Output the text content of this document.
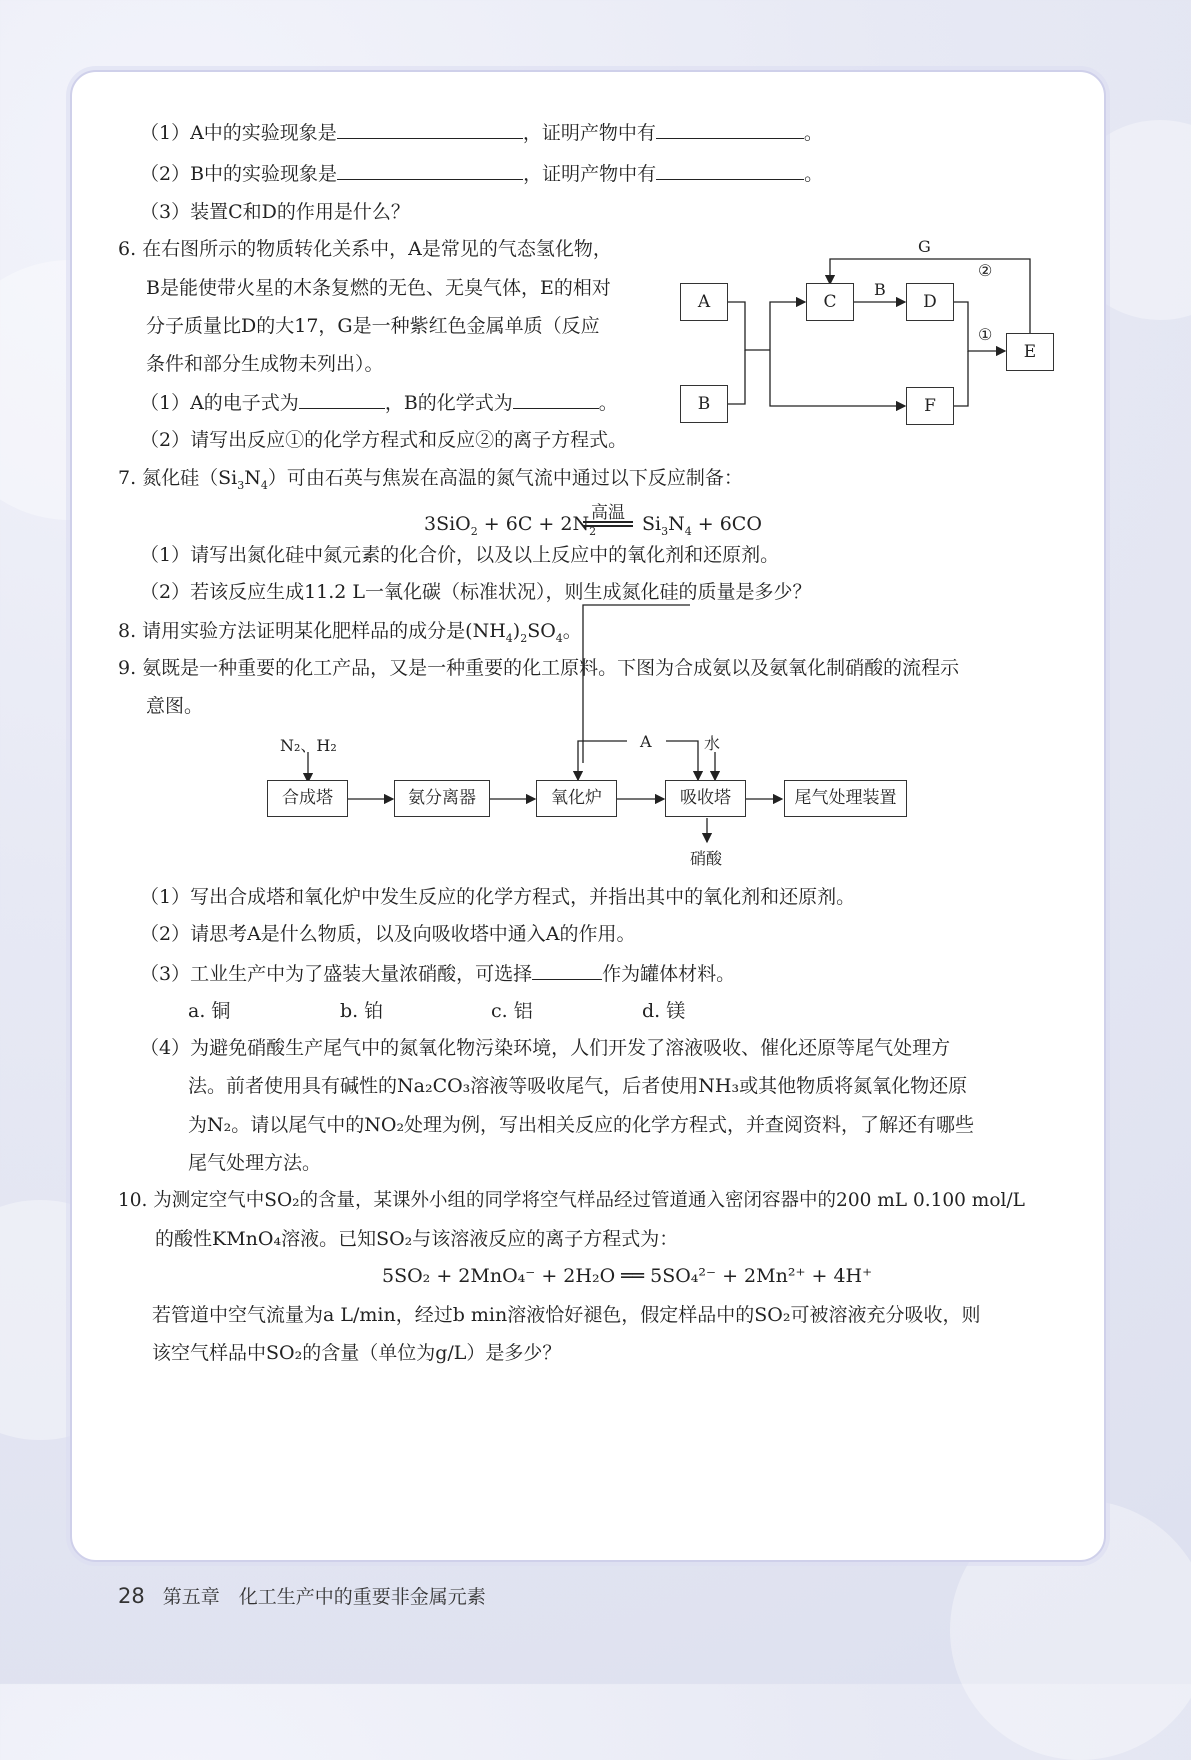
（1）A中的实验现象是	，证明产物中有	。
（2）B中的实验现象是	，证明产物中有	。
（3）装置C和D的作用是什么？
6. 在右图所示的物质转化关系中，A是常见的气态氢化物，
B是能使带火星的木条复燃的无色、无臭气体，E的相对
分子质量比D的大17，G是一种紫红色金属单质（反应
条件和部分生成物未列出）。
（1）A的电子式为	，B的化学式为	。
（2）请写出反应①的化学方程式和反应②的离子方程式。
A
B
C	D
E
F
G
②
B
①
7. 氮化硅$(Si_3N_4)$可由石英与焦炭在高温的氮气流中通过以下反应制备：
高温
$3SiO_2 + 6C + 2N_2$ $Si_3N_4 + 6CO$
（1）请写出氮化硅中氮元素的化合价，以及以上反应中的氧化剂和还原剂。
（2）若该反应生成11.2 L一氧化碳（标准状况），则生成氮化硅的质量是多少？
8. 请用实验方法证明某化肥样品的成分是$(NH_4)_2SO_4$。
9. 氨既是一种重要的化工产品，又是一种重要的化工原料。下图为合成氨以及氨氧化制硝酸的流程示
意图。
N₂、H₂	A	水
合成塔	氨分离器	氧化炉	吸收塔	尾气处理装置
硝酸
（1）写出合成塔和氧化炉中发生反应的化学方程式，并指出其中的氧化剂和还原剂。
（2）请思考A是什么物质，以及向吸收塔中通入A的作用。
（3）工业生产中为了盛装大量浓硝酸，可选择	作为罐体材料。
a. 铜	b. 铂	c. 铝	d. 镁
（4）为避免硝酸生产尾气中的氮氧化物污染环境，人们开发了溶液吸收、催化还原等尾气处理方
法。前者使用具有碱性的Na₂CO₃溶液等吸收尾气，后者使用NH₃或其他物质将氮氧化物还原
为N₂。请以尾气中的NO₂处理为例，写出相关反应的化学方程式，并查阅资料，了解还有哪些
尾气处理方法。
10. 为测定空气中SO₂的含量，某课外小组的同学将空气样品经过管道通入密闭容器中的200 mL 0.100 mol/L
的酸性KMnO₄溶液。已知SO₂与该溶液反应的离子方程式为：
5SO₂ + 2MnO₄⁻ + 2H₂O ══ 5SO₄²⁻ + 2Mn²⁺ + 4H⁺
若管道中空气流量为a L/min，经过b min溶液恰好褪色，假定样品中的SO₂可被溶液充分吸收，则
该空气样品中SO₂的含量（单位为g/L）是多少？
28 第五章　化工生产中的重要非金属元素
